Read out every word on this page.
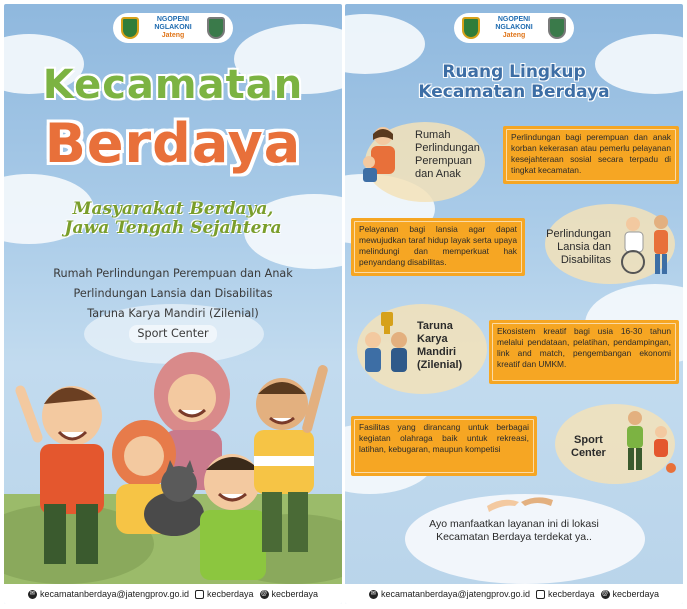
NGOPENI
NGLAKONI
Jateng
Kecamatan
Berdaya
Masyarakat Berdaya,
Jawa Tengah Sejahtera
Rumah Perlindungan Perempuan dan Anak
Perlindungan Lansia dan Disabilitas
Taruna Karya Mandiri (Zilenial)
Sport Center
✉ kecamatanberdaya@jatengprov.go.id kecberdaya @ kecberdaya
NGOPENI
NGLAKONI
Jateng
Ruang Lingkup
Kecamatan Berdaya
Rumah
Perlindungan
Perempuan
dan Anak
Perlindungan bagi perempuan dan anak korban kekerasan atau pemerlu pelayanan kesejahteraan sosial secara terpadu di tingkat kecamatan.
Pelayanan bagi lansia agar dapat mewujudkan taraf hidup layak serta upaya melindungi dan memperkuat hak penyandang disabilitas.
Perlindungan
Lansia dan
Disabilitas
Taruna
Karya
Mandiri
(Zilenial)
Ekosistem kreatif bagi usia 16-30 tahun melalui pendataan, pelatihan, pendampingan, link and match, pengembangan ekonomi kreatif dan UMKM.
Fasilitas yang dirancang untuk berbagai kegiatan olahraga baik untuk rekreasi, latihan, kebugaran, maupun kompetisi
Sport
Center
Ayo manfaatkan layanan ini di lokasi
Kecamatan Berdaya terdekat ya..
✉ kecamatanberdaya@jatengprov.go.id kecberdaya @ kecberdaya
